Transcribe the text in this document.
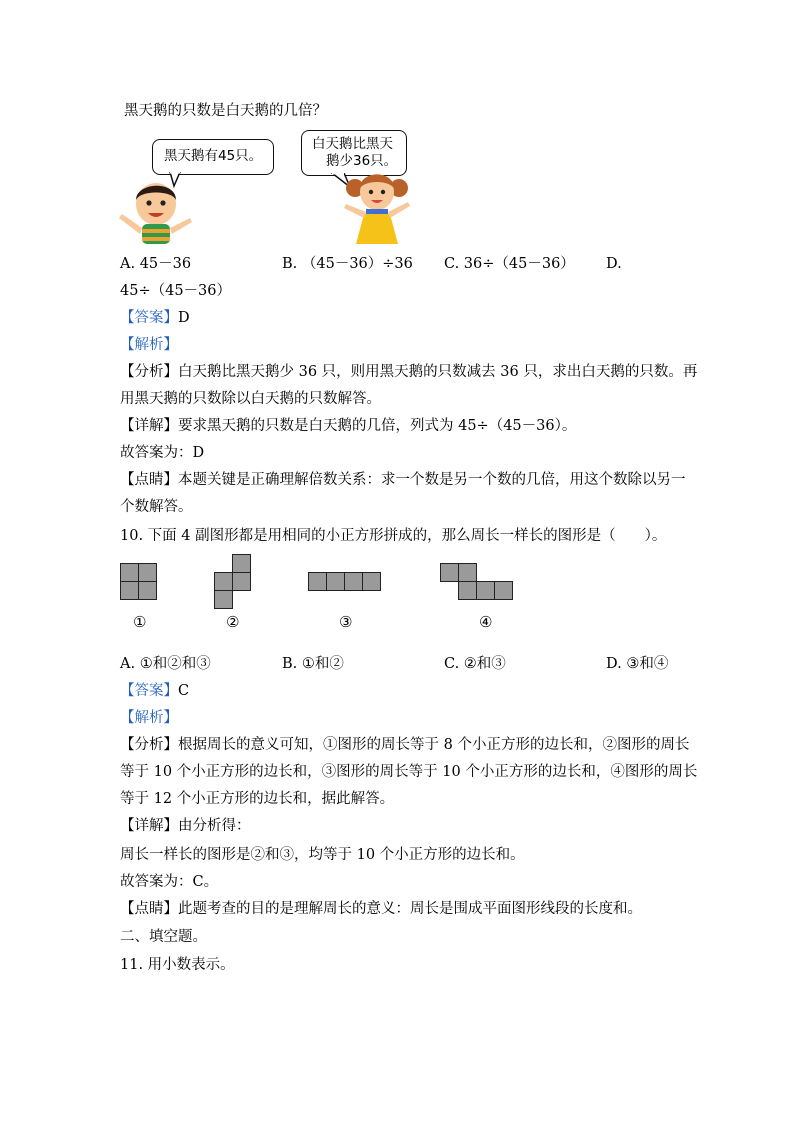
黑天鹅的只数是白天鹅的几倍？
黑天鹅有45只。
白天鹅比黑天
鹅少36只。
A. 45－36	B. （45－36）÷36 C. 36÷（45－36） D.
45÷（45－36）
【答案】D
【解析】
【分析】白天鹅比黑天鹅少 36 只，则用黑天鹅的只数减去 36 只，求出白天鹅的只数。再
用黑天鹅的只数除以白天鹅的只数解答。
【详解】要求黑天鹅的只数是白天鹅的几倍，列式为 45÷（45－36）。
故答案为：D
【点睛】本题关键是正确理解倍数关系：求一个数是另一个数的几倍，用这个数除以另一
个数解答。
10. 下面 4 副图形都是用相同的小正方形拼成的，那么周长一样长的图形是（　　）。
①	②	③	④
A. ①和②和③	B. ①和②	C. ②和③	D. ③和④
【答案】C
【解析】
【分析】根据周长的意义可知，①图形的周长等于 8 个小正方形的边长和，②图形的周长
等于 10 个小正方形的边长和，③图形的周长等于 10 个小正方形的边长和，④图形的周长
等于 12 个小正方形的边长和，据此解答。
【详解】由分析得：
周长一样长的图形是②和③，均等于 10 个小正方形的边长和。
故答案为：C。
【点睛】此题考查的目的是理解周长的意义：周长是围成平面图形线段的长度和。
二、填空题。
11. 用小数表示。
